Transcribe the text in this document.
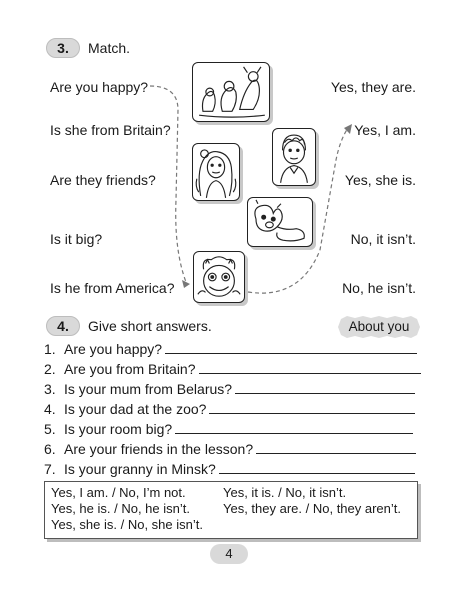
3.	Match.
Are you happy?
Is she from Britain?
Are they friends?
Is it big?
Is he from America?
Yes, they are.
Yes, I am.
Yes, she is.
No, it isn’t.
No, he isn’t.
4.	Give short answers.	About you
1. Are you happy?
2. Are you from Britain?
3. Is your mum from Belarus?
4. Is your dad at the zoo?
5. Is your room big?
6. Are your friends in the lesson?
7. Is your granny in Minsk?
Yes, I am. / No, I’m not.
Yes, he is. / No, he isn’t.
Yes, she is. / No, she isn’t.
Yes, it is. / No, it isn’t.
Yes, they are. / No, they aren’t.
4
